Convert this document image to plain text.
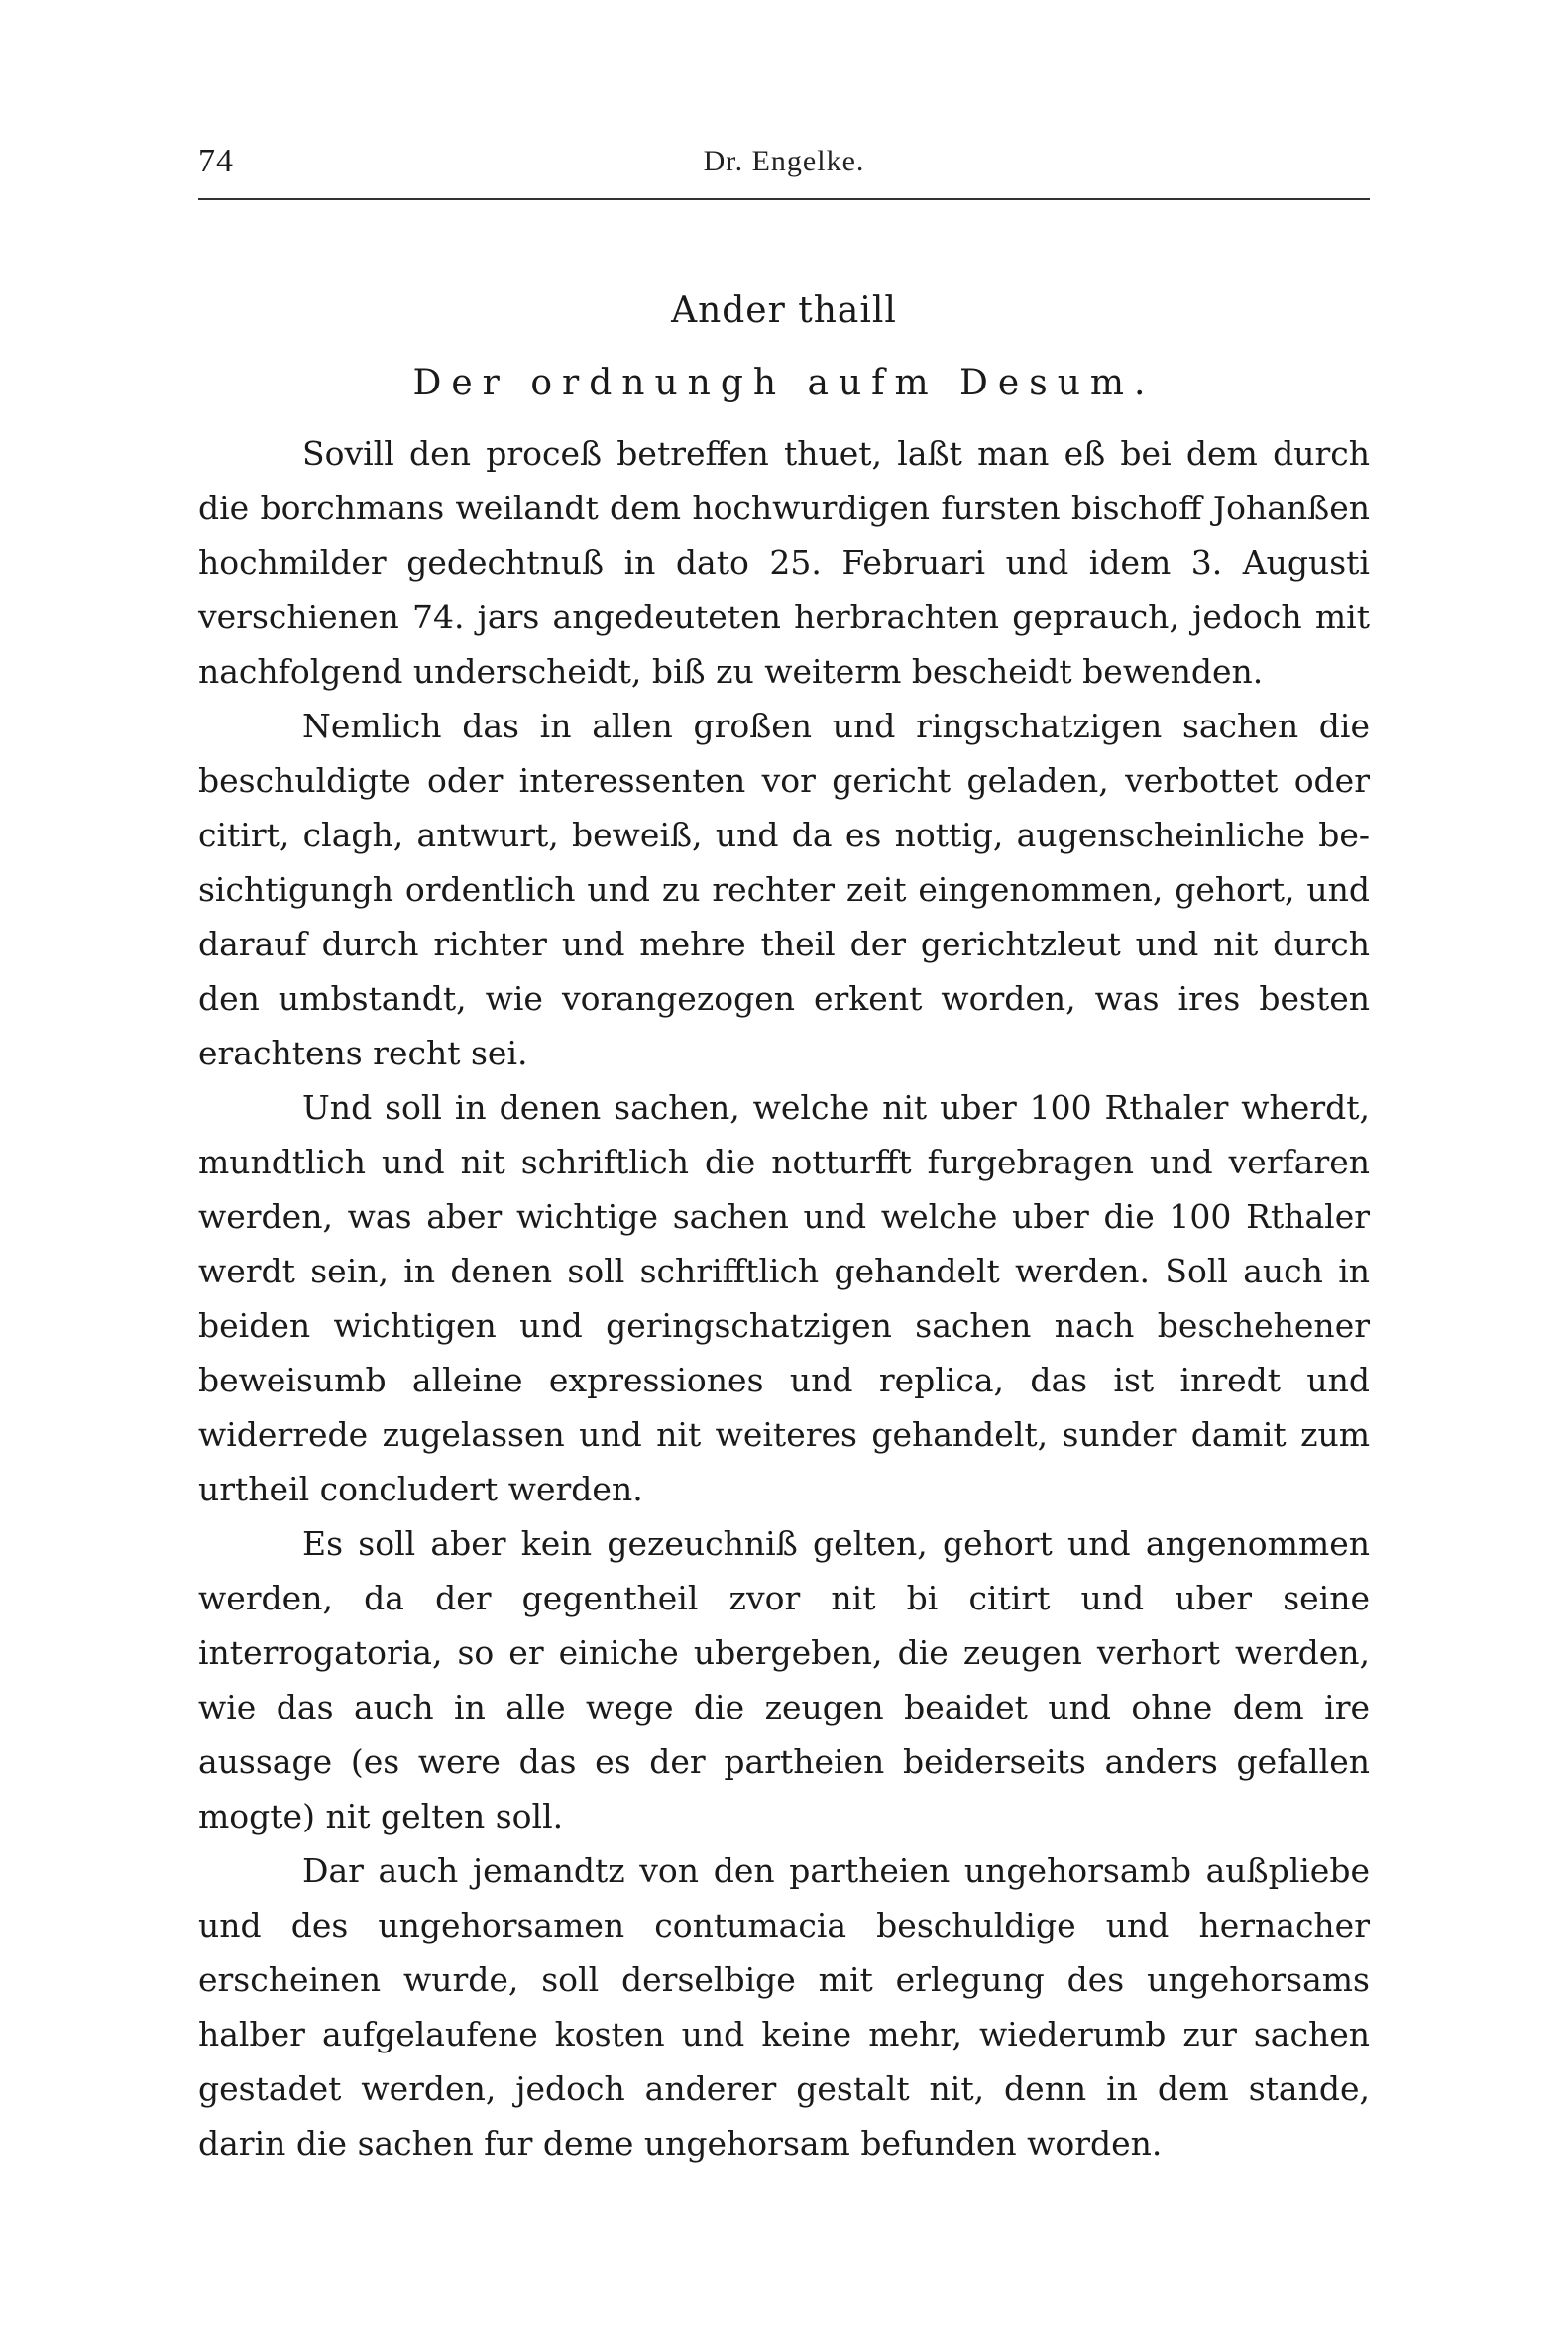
74	Dr. Engelke.
Ander thaill
Der ordnungh aufm Desum.

Sovill den proceß betreffen thuet, laßt man eß bei dem durch die borchmans weilandt dem hochwurdigen fursten bischoff Johanßen hochmilder gedechtnuß in dato 25. Februari und idem 3. Augusti verschienen 74. jars angedeuteten herbrachten geprauch, jedoch mit nachfolgend underscheidt, biß zu weiterm bescheidt bewenden.

Nemlich das in allen großen und ringschatzigen sachen die beschuldigte oder interessenten vor gericht geladen, verbottet oder citirt, clagh, antwurt, beweiß, und da es nottig, augenscheinliche besichtigungh ordentlich und zu rechter zeit eingenommen, gehort, und darauf durch richter und mehre theil der gerichtzleut und nit durch den umbstandt, wie vorangezogen erkent worden, was ires besten erachtens recht sei.

Und soll in denen sachen, welche nit uber 100 Rthaler wherdt, mundtlich und nit schriftlich die notturfft furgebragen und verfaren werden, was aber wichtige sachen und welche uber die 100 Rthaler werdt sein, in denen soll schrifftlich gehandelt werden. Soll auch in beiden wichtigen und geringschatzigen sachen nach beschehener beweisumb alleine expressiones und replica, das ist inredt und widerrede zugelassen und nit weiteres gehandelt, sunder damit zum urtheil concludert werden.

Es soll aber kein gezeuchniß gelten, gehort und angenommen werden, da der gegentheil zvor nit bi citirt und uber seine interrogatoria, so er einiche ubergeben, die zeugen verhort werden, wie das auch in alle wege die zeugen beaidet und ohne dem ire aussage (es were das es der partheien beiderseits anders gefallen mogte) nit gelten soll.

Dar auch jemandtz von den partheien ungehorsamb außpliebe und des ungehorsamen contumacia beschuldige und hernacher erscheinen wurde, soll derselbige mit erlegung des ungehorsams halber aufgelaufene kosten und keine mehr, wiederumb zur sachen gestadet werden, jedoch anderer gestalt nit, denn in dem stande, darin die sachen fur deme ungehorsam befunden worden.
